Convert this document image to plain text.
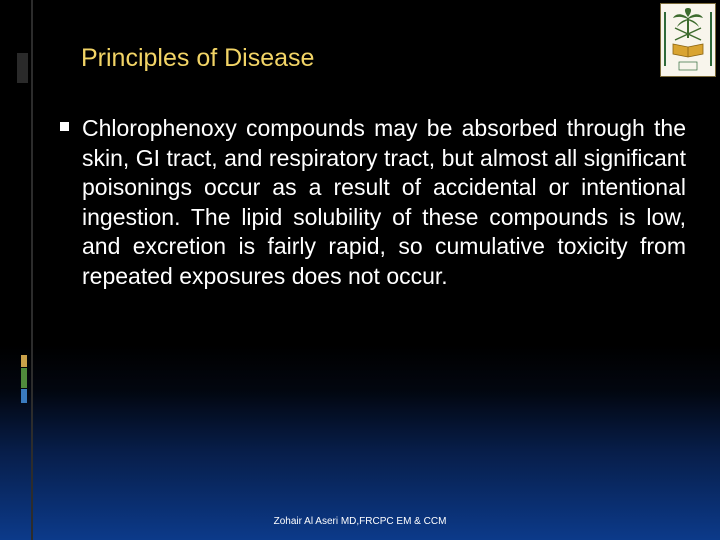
Principles of Disease
Chlorophenoxy compounds may be absorbed through the skin, GI tract, and respiratory tract, but almost all significant poisonings occur as a result of accidental or intentional ingestion. The lipid solubility of these compounds is low, and excretion is fairly rapid, so cumulative toxicity from repeated exposures does not occur.
Zohair Al Aseri MD,FRCPC EM & CCM
